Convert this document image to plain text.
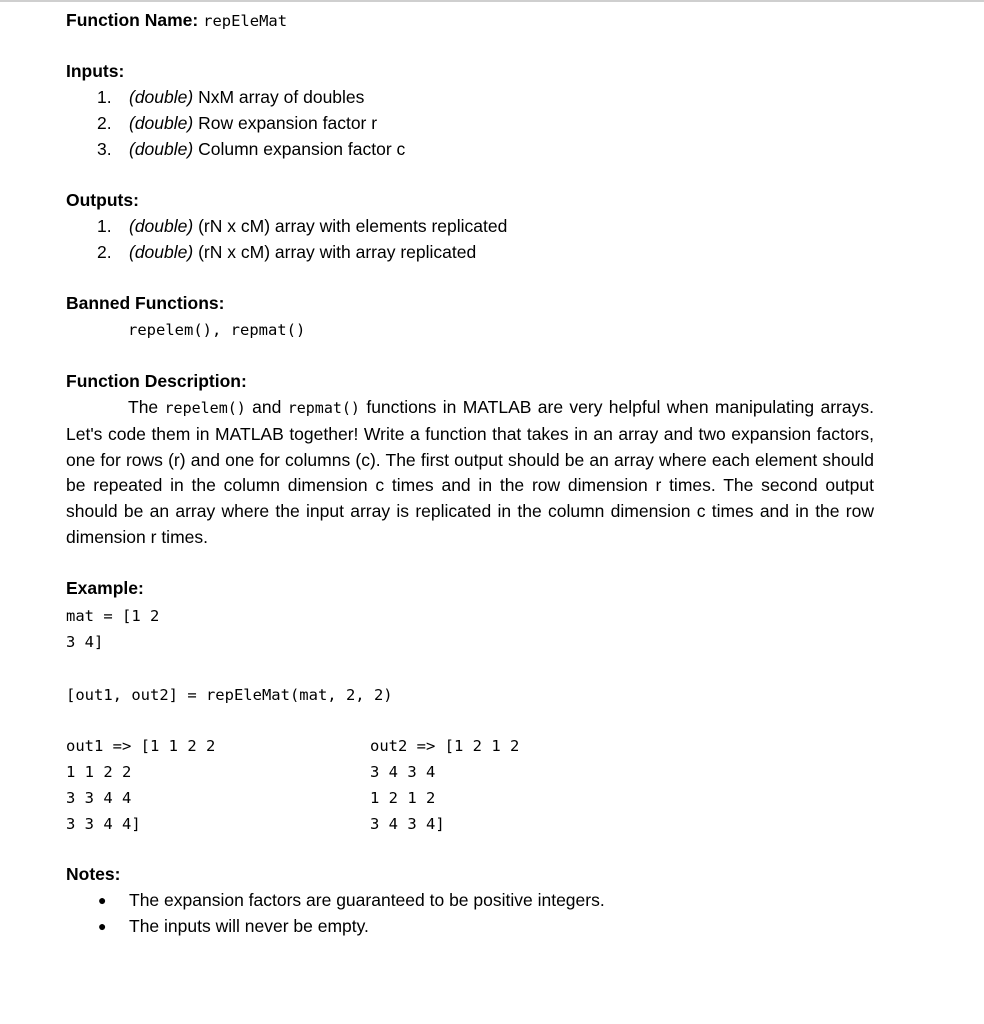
Function Name: repEleMat
Inputs:
1. (double) NxM array of doubles
2. (double) Row expansion factor r
3. (double) Column expansion factor c
Outputs:
1. (double) (rN x cM) array with elements replicated
2. (double) (rN x cM) array with array replicated
Banned Functions:
repelem(), repmat()
Function Description:
The repelem() and repmat() functions in MATLAB are very helpful when manipulating arrays. Let's code them in MATLAB together! Write a function that takes in an array and two expansion factors, one for rows (r) and one for columns (c). The first output should be an array where each element should be repeated in the column dimension c times and in the row dimension r times. The second output should be an array where the input array is replicated in the column dimension c times and in the row dimension r times.
Example:
mat = [1 2
3 4]
[out1, out2] = repEleMat(mat, 2, 2)
out1 => [1 1 2 2
1 1 2 2
3 3 4 4
3 3 4 4]
out2 => [1 2 1 2
3 4 3 4
1 2 1 2
3 4 3 4]
Notes:
● The expansion factors are guaranteed to be positive integers.
● The inputs will never be empty.
